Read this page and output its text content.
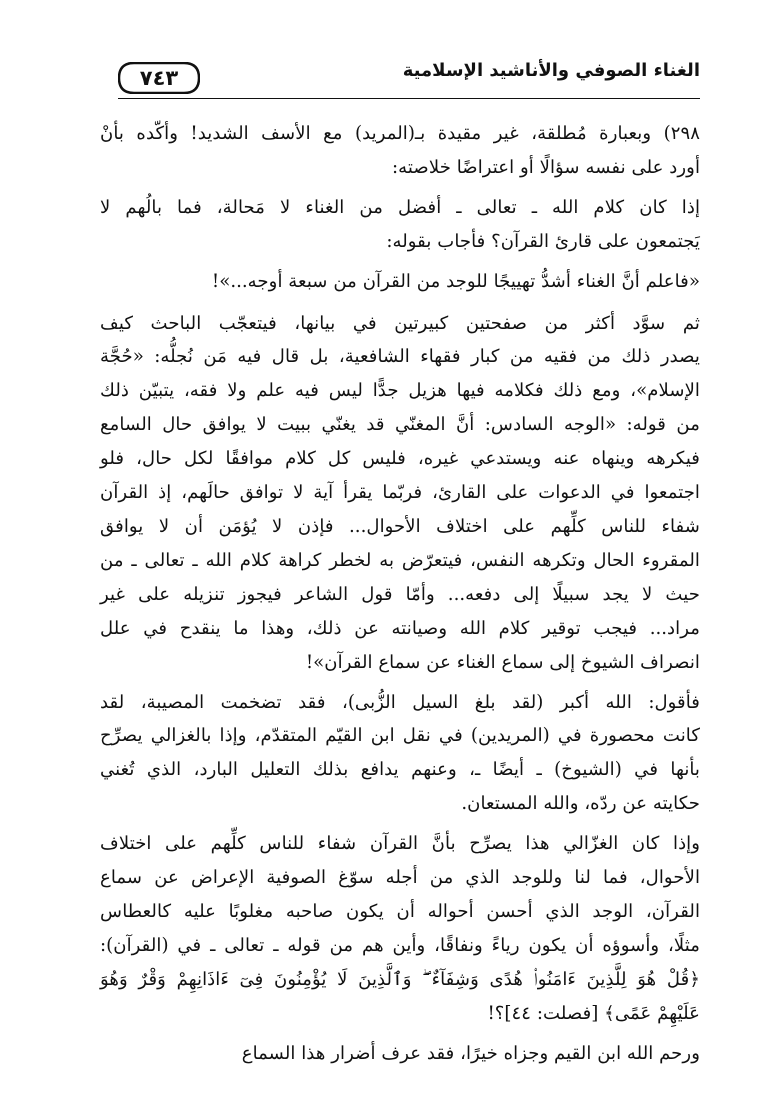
الغناء الصوفي والأناشيد الإسلامية
٧٤٣

٢٩٨) وبعبارة مُطلقة، غير مقيدة بـ(المريد) مع الأسف الشديد! وأكّده بأنْ
أورد على نفسه سؤالًا أو اعتراضًا خلاصته:

إذا كان كلام الله ـ تعالى ـ أفضل من الغناء لا مَحالة، فما بالُهم لا
يَجتمعون على قارئ القرآن؟ فأجاب بقوله:

«فاعلم أنَّ الغناء أشدُّ تهييجًا للوجد من القرآن من سبعة أوجه...»!

ثم سوَّد أكثر من صفحتين كبيرتين في بيانها، فيتعجّب الباحث كيف
يصدر ذلك من فقيه من كبار فقهاء الشافعية، بل قال فيه مَن نُجلُّه: «حُجَّة
الإسلام»، ومع ذلك فكلامه فيها هزيل جدًّا ليس فيه علم ولا فقه، يتبيّن ذلك
من قوله: «الوجه السادس: أنَّ المغنّي قد يغنّي ببيت لا يوافق حال السامع
فيكرهه وينهاه عنه ويستدعي غيره، فليس كل كلام موافقًا لكل حال، فلو
اجتمعوا في الدعوات على القارئ، فربّما يقرأ آية لا توافق حالَهم، إذ القرآن
شفاء للناس كلِّهم على اختلاف الأحوال... فإذن لا يُؤمَن أن لا يوافق
المقروء الحال وتكرهه النفس، فيتعرّض به لخطر كراهة كلام الله ـ تعالى ـ من
حيث لا يجد سبيلًا إلى دفعه... وأمّا قول الشاعر فيجوز تنزيله على غير
مراد... فيجب توقير كلام الله وصيانته عن ذلك، وهذا ما ينقدح في علل
انصراف الشيوخ إلى سماع الغناء عن سماع القرآن»!

فأقول: الله أكبر (لقد بلغ السيل الزُّبى)، فقد تضخمت المصيبة، لقد
كانت محصورة في (المريدين) في نقل ابن القيّم المتقدّم، وإذا بالغزالي يصرِّح
بأنها في (الشيوخ) ـ أيضًا ـ، وعنهم يدافع بذلك التعليل البارد، الذي تُغني
حكايته عن ردّه، والله المستعان.

وإذا كان الغزّالي هذا يصرِّح بأنَّ القرآن شفاء للناس كلِّهم على اختلاف
الأحوال، فما لنا وللوجد الذي من أجله سوّغ الصوفية الإعراض عن سماع
القرآن، الوجد الذي أحسن أحواله أن يكون صاحبه مغلوبًا عليه كالعطاس
مثلًا، وأسوؤه أن يكون رياءً ونفاقًا، وأين هم من قوله ـ تعالى ـ في (القرآن):
﴿قُلْ هُوَ لِلَّذِينَ ءَامَنُوا۟ هُدًى وَشِفَآءٌ ۖ وَٱلَّذِينَ لَا يُؤْمِنُونَ فِىٓ ءَاذَانِهِمْ وَقْرٌ وَهُوَ
عَلَيْهِمْ عَمًى﴾ [فصلت: ٤٤]؟!

ورحم الله ابن القيم وجزاه خيرًا، فقد عرف أضرار هذا السماع
